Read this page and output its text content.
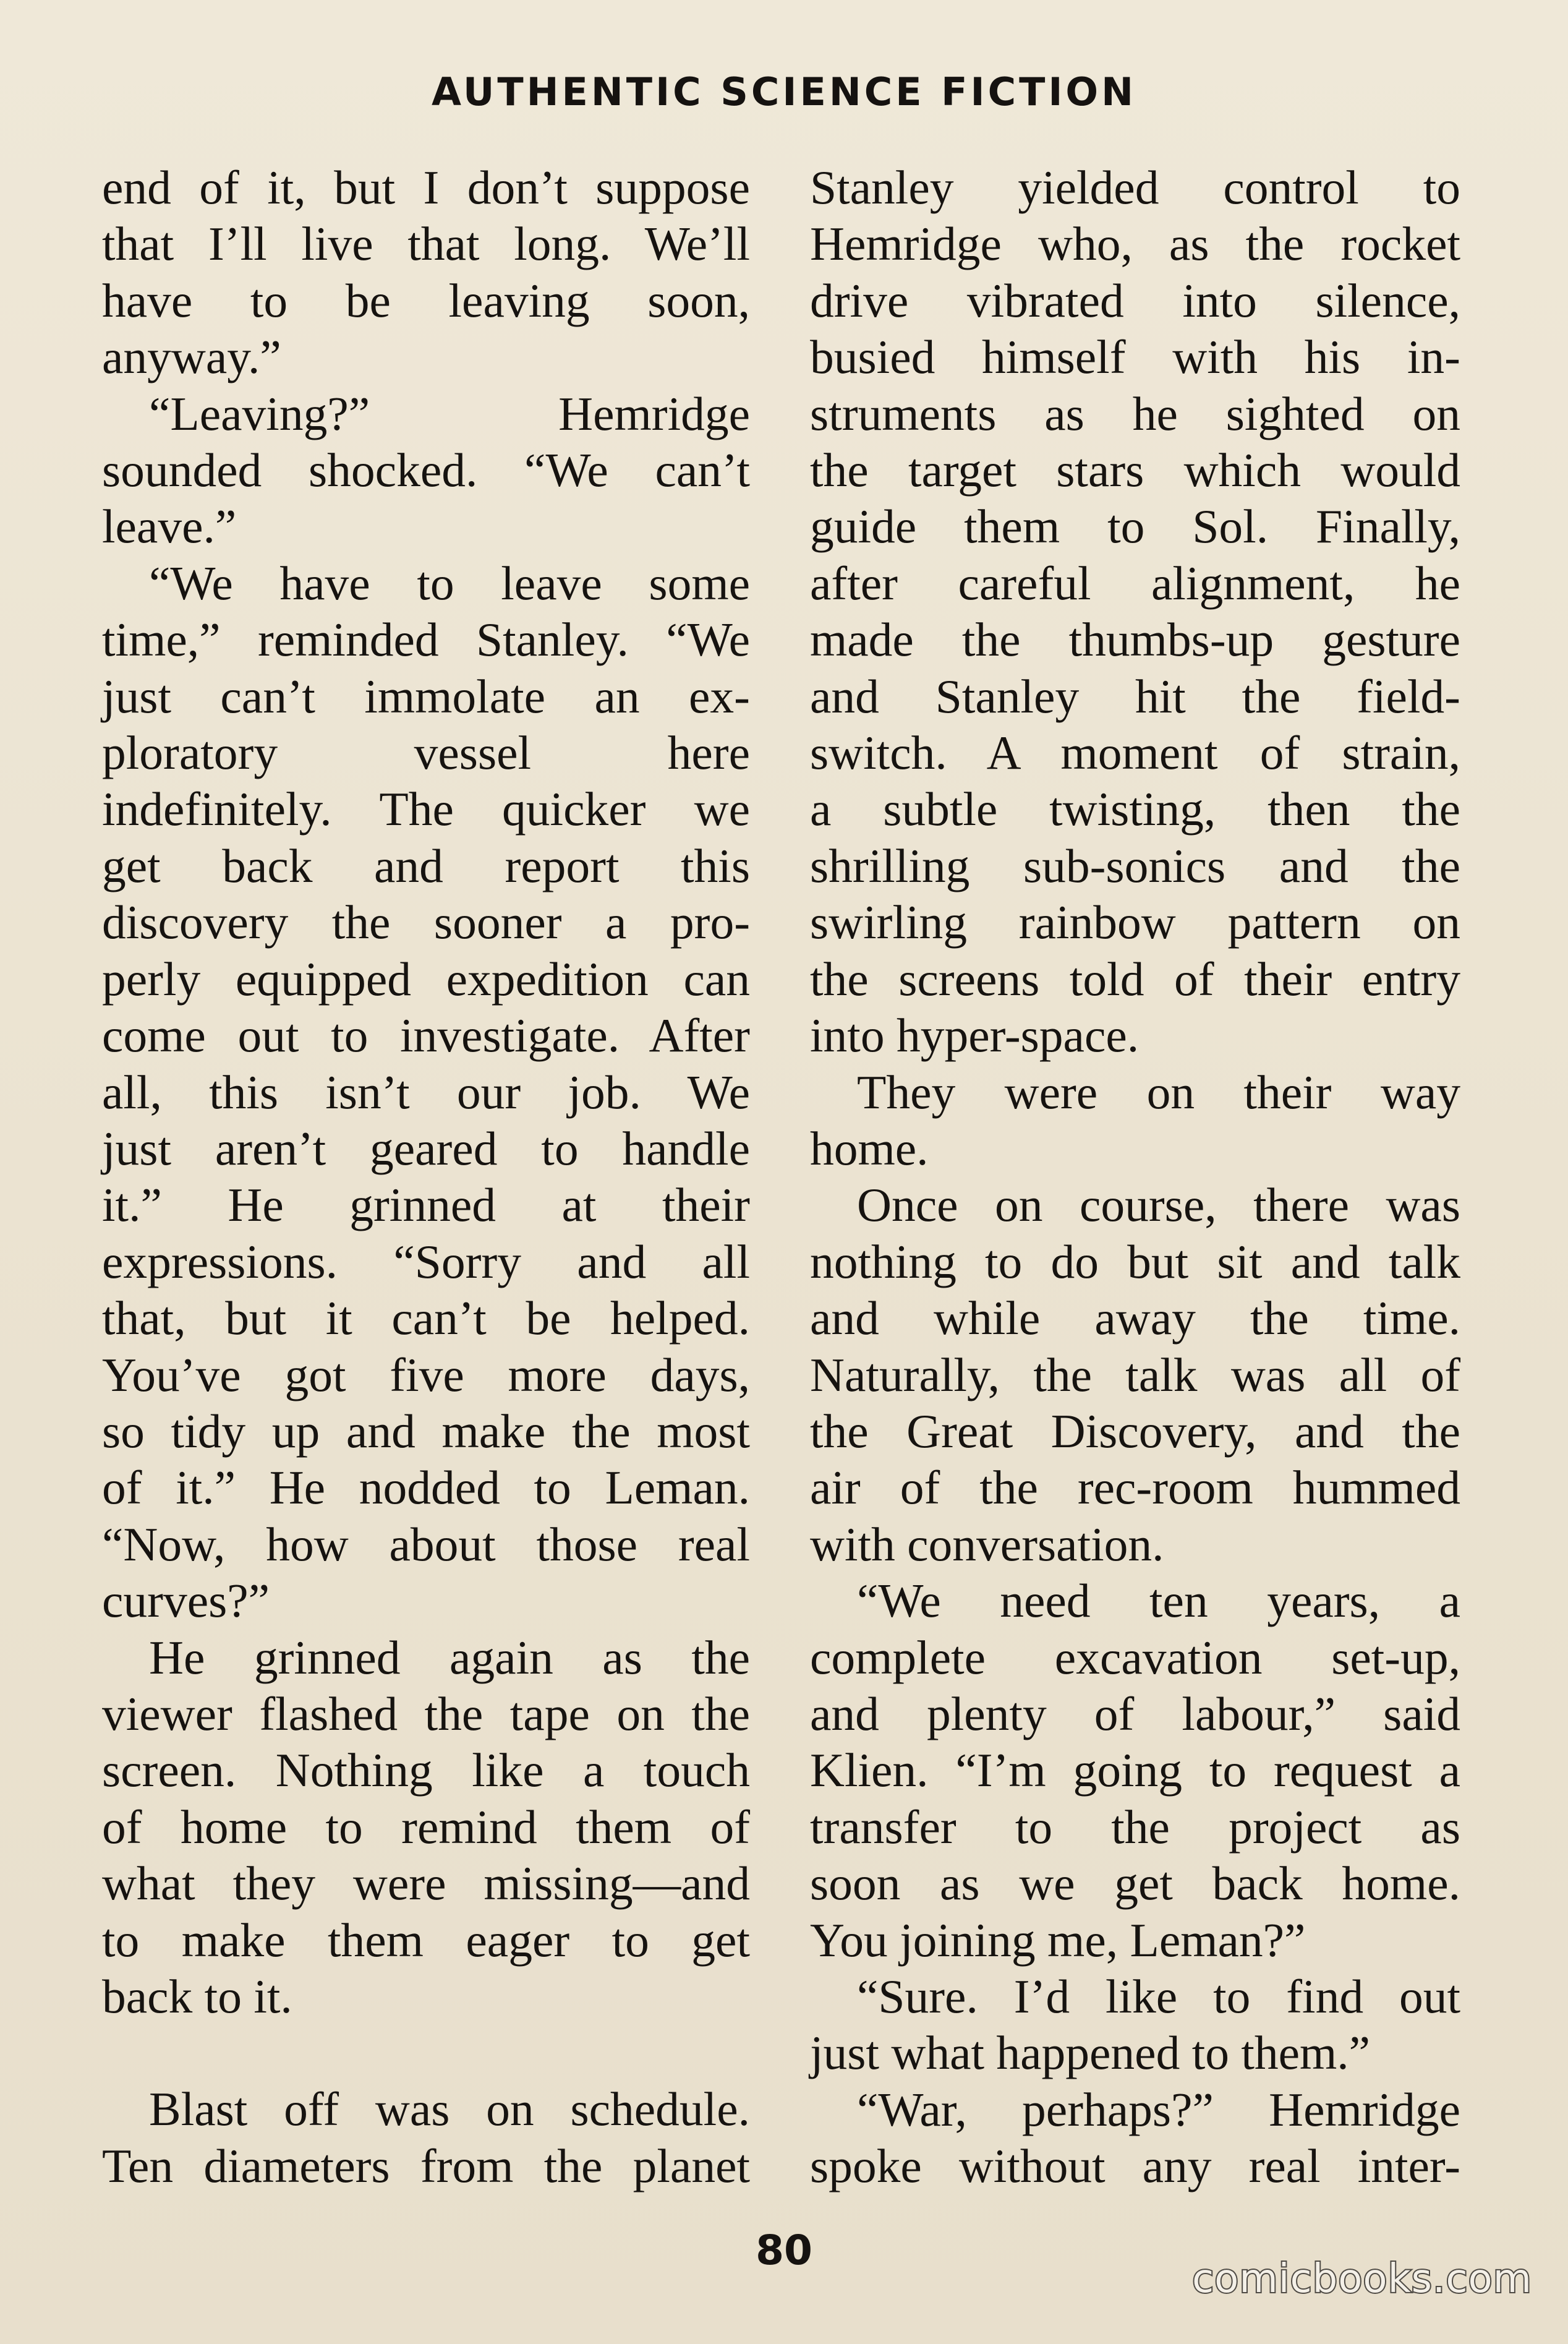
AUTHENTIC SCIENCE FICTION

end of it, but I don’t suppose

that I’ll live that long. We’ll

have to be leaving soon,

anyway.”

“Leaving?” Hemridge

sounded shocked. “We can’t

leave.”

“We have to leave some

time,” reminded Stanley. “We

just can’t immolate an ex-

ploratory vessel here

indefinitely. The quicker we

get back and report this

discovery the sooner a pro-

perly equipped expedition can

come out to investigate. After

all, this isn’t our job. We

just aren’t geared to handle

it.” He grinned at their

expressions. “Sorry and all

that, but it can’t be helped.

You’ve got five more days,

so tidy up and make the most

of it.” He nodded to Leman.

“Now, how about those real

curves?”

He grinned again as the

viewer flashed the tape on the

screen. Nothing like a touch

of home to remind them of

what they were missing—and

to make them eager to get

back to it.

Blast off was on schedule.

Ten diameters from the planet

Stanley yielded control to

Hemridge who, as the rocket

drive vibrated into silence,

busied himself with his in-

struments as he sighted on

the target stars which would

guide them to Sol. Finally,

after careful alignment, he

made the thumbs-up gesture

and Stanley hit the field-

switch. A moment of strain,

a subtle twisting, then the

shrilling sub-sonics and the

swirling rainbow pattern on

the screens told of their entry

into hyper-space.

They were on their way

home.

Once on course, there was

nothing to do but sit and talk

and while away the time.

Naturally, the talk was all of

the Great Discovery, and the

air of the rec-room hummed

with conversation.

“We need ten years, a

complete excavation set-up,

and plenty of labour,” said

Klien. “I’m going to request a

transfer to the project as

soon as we get back home.

You joining me, Leman?”

“Sure. I’d like to find out

just what happened to them.”

“War, perhaps?” Hemridge

spoke without any real inter-

80
comicbooks.com
